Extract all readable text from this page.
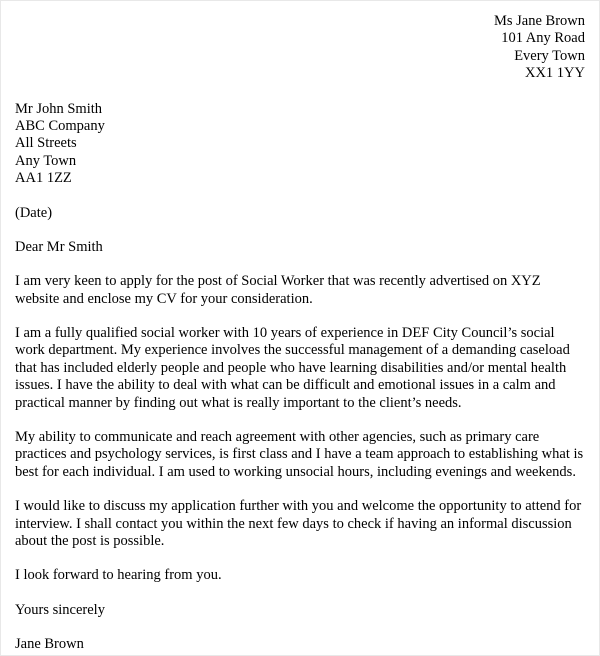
Ms Jane Brown
101 Any Road
Every Town
XX1 1YY
Mr John Smith
ABC Company
All Streets
Any Town
AA1 1ZZ
(Date)
Dear Mr Smith

I am very keen to apply for the post of Social Worker that was recently advertised on XYZ website and enclose my CV for your consideration.

I am a fully qualified social worker with 10 years of experience in DEF City Council’s social work department. My experience involves the successful management of a demanding caseload that has included elderly people and people who have learning disabilities and/or mental health issues. I have the ability to deal with what can be difficult and emotional issues in a calm and practical manner by finding out what is really important to the client’s needs.

My ability to communicate and reach agreement with other agencies, such as primary care practices and psychology services, is first class and I have a team approach to establishing what is best for each individual. I am used to working unsocial hours, including evenings and weekends.

I would like to discuss my application further with you and welcome the opportunity to attend for interview. I shall contact you within the next few days to check if having an informal discussion about the post is possible.

I look forward to hearing from you.

Yours sincerely
Jane Brown
